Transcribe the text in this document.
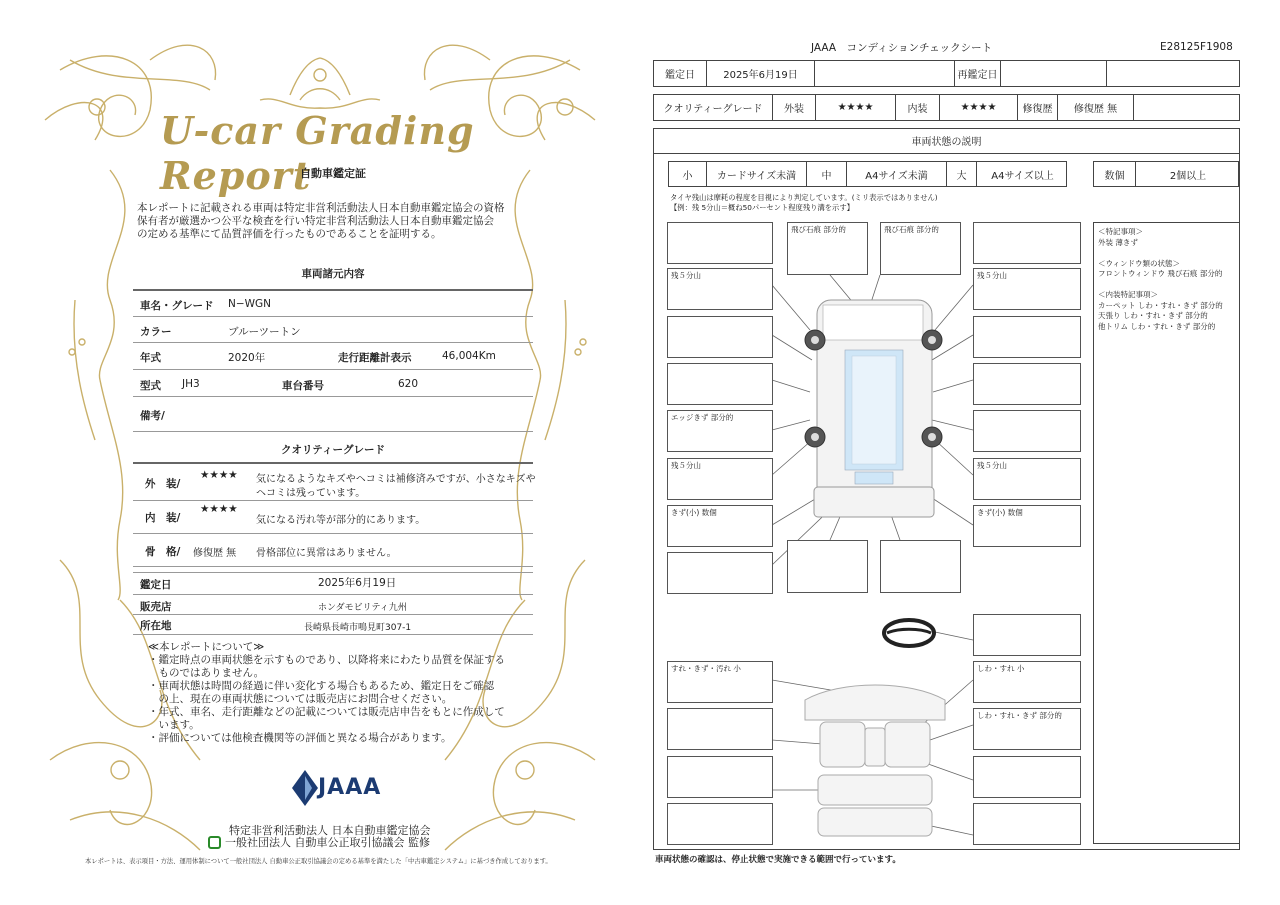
U-car Grading Report
自動車鑑定証
本レポートに記載される車両は特定非営利活動法人日本自動車鑑定協会の資格
保有者が厳選かつ公平な検査を行い特定非営利活動法人日本自動車鑑定協会
の定める基準にて品質評価を行ったものであることを証明する。
車両諸元内容
車名・グレード N−WGN
カラー	ブルーツートン
年式	2020年	走行距離計表示	46,004Km
型式 JH3	車台番号	620
備考/
クオリティーグレード
外　装/
★★★★ 気になるようなキズやヘコミは補修済みですが、小さなキズや
ヘコミは残っています。
内　装/
★★★★
気になる汚れ等が部分的にあります。
骨　格/ 修復歴 無 骨格部位に異常はありません。
鑑定日	2025年6月19日
販売店	ホンダモビリティ九州
所在地	長崎県長崎市鳴見町307-1
≪本レポートについて≫
・鑑定時点の車両状態を示すものであり、以降将来にわたり品質を保証する
　ものではありません。
・車両状態は時間の経過に伴い変化する場合もあるため、鑑定日をご確認
　の上、現在の車両状態については販売店にお問合せください。
・年式、車名、走行距離などの記載については販売店申告をもとに作成して
　います。
・評価については他検査機関等の評価と異なる場合があります。
JAAA
特定非営利活動法人 日本自動車鑑定協会
一般社団法人 自動車公正取引協議会 監修
本レポートは、表示項目・方法、運用体制について一般社団法人 自動車公正取引協議会の定める基準を満たした「中古車鑑定システム」に基づき作成しております。
JAAA　コンディションチェックシート	E28125F1908
鑑定日	2025年6月19日	再鑑定日
クオリティーグレード	外装	★★★★	内装	★★★★	修復歴	修復歴 無
車両状態の説明
小	カードサイズ未満	中	A4サイズ未満	大	A4サイズ以上	数個	2個以上
タイヤ残山は摩耗の程度を目視により判定しています。(ミリ表示ではありません)
【例：残 5分山＝概ね50パーセント程度残り溝を示す】
＜特記事項＞
外装 薄きず

＜ウィンドウ類の状態＞
フロントウィンドウ 飛び石痕 部分的

＜内装特記事項＞
カーペット しわ・すれ・きず 部分的
天張り しわ・すれ・きず 部分的
他トリム しわ・すれ・きず 部分的
飛び石痕 部分的	飛び石痕 部分的
残５分山	残５分山
エッジきず 部分的
残５分山	残５分山
きず(小) 数個	きず(小) 数個
すれ・きず・汚れ 小	しわ・すれ 小
しわ・すれ・きず 部分的
車両状態の確認は、停止状態で実施できる範囲で行っています。
